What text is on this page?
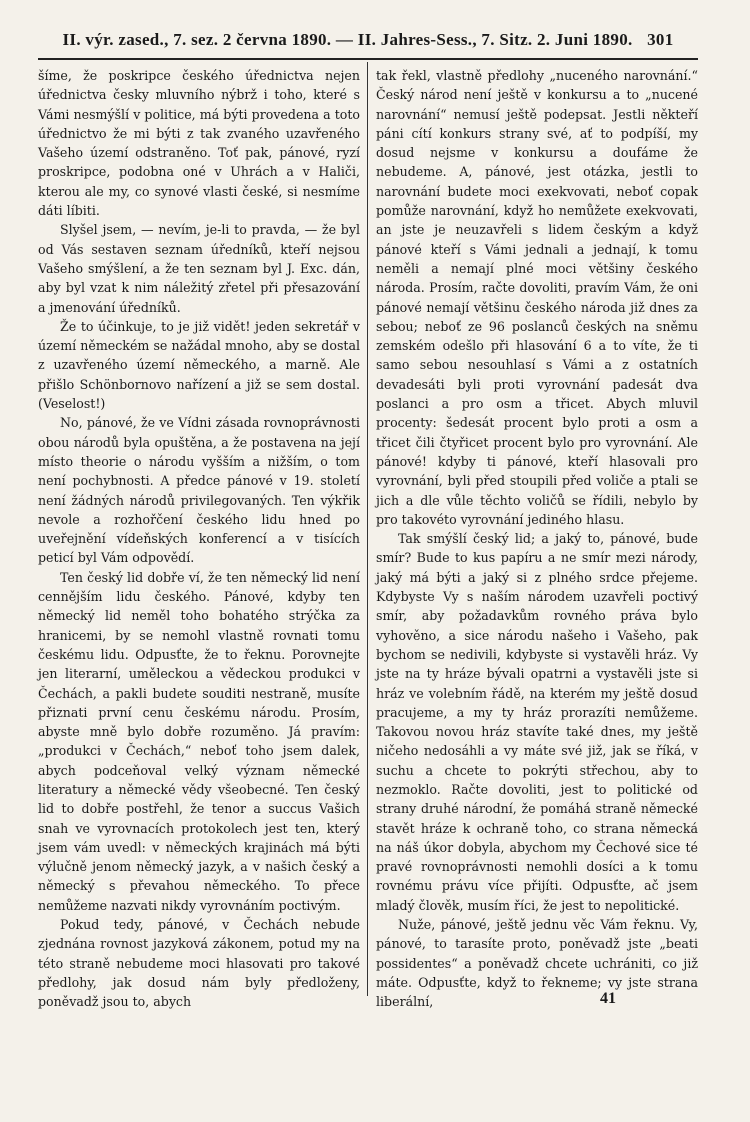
II. výr. zased., 7. sez. 2 června 1890. — II. Jahres-Sess., 7. Sitz. 2. Juni 1890. 301

šíme, že poskripce českého úřednictva nejen úřednictva česky mluvního nýbrž i toho, které s Vámi nesmýšlí v politice, má býti provedena a toto úřednictvo že mi býti z tak zvaného uzavřeného Vašeho území odstraněno. Toť pak, pánové, ryzí proskripce, podobna oné v Uhrách a v Haliči, kterou ale my, co synové vlasti české, si nesmíme dáti líbiti.

Slyšel jsem, — nevím, je-li to pravda, — že byl od Vás sestaven seznam úředníků, kteří nejsou Vašeho smýšlení, a že ten seznam byl J. Exc. dán, aby byl vzat k nim náležitý zřetel při přesazování a jmenování úředníků.

Že to účinkuje, to je již vidět! jeden sekretář v území německém se nažádal mnoho, aby se dostal z uzavřeného území německého, a marně. Ale přišlo Schönbornovo nařízení a již se sem dostal. (Veselost!)

No, pánové, že ve Vídni zásada rovnoprávnosti obou národů byla opuštěna, a že postavena na její místo theorie o národu vyšším a nižším, o tom není pochybnosti. A předce pánové v 19. století není žádných národů privilegovaných. Ten výkřik nevole a rozhořčení českého lidu hned po uveřejnění vídeňských konferencí a v tisících peticí byl Vám odpovědí.

Ten český lid dobře ví, že ten německý lid není cennějším lidu českého. Pánové, kdyby ten německý lid neměl toho bohatého strýčka za hranicemi, by se nemohl vlastně rovnati tomu českému lidu. Odpusťte, že to řeknu. Porovnejte jen literarní, uměleckou a vědeckou produkci v Čechách, a pakli budete souditi nestraně, musíte přiznati první cenu českému národu. Prosím, abyste mně bylo dobře rozuměno. Já pravím: „produkci v Čechách,“ neboť toho jsem dalek, abych podceňoval velký význam německé literatury a německé vědy všeobecné. Ten český lid to dobře postřehl, že tenor a succus Vašich snah ve vyrovnacích protokolech jest ten, který jsem vám uvedl: v německých krajinách má býti výlučně jenom německý jazyk, a v našich český a německý s převahou německého. To přece nemůžeme nazvati nikdy vyrovnáním poctivým.

Pokud tedy, pánové, v Čechách nebude zjednána rovnost jazyková zákonem, potud my na této straně nebudeme moci hlasovati pro takové předlohy, jak dosud nám byly předloženy, poněvadž jsou to, abych

tak řekl, vlastně předlohy „nuceného narovnání.“ Český národ není ještě v konkursu a to „nucené narovnání“ nemusí ještě podepsat. Jestli někteří páni cítí konkurs strany své, ať to podpíší, my dosud nejsme v konkursu a doufáme že nebudeme. A, pánové, jest otázka, jestli to narovnání budete moci exekvovati, neboť copak pomůže narovnání, když ho nemůžete exekvovati, an jste je neuzavřeli s lidem českým a když pánové kteří s Vámi jednali a jednají, k tomu neměli a nemají plné moci většiny českého národa. Prosím, račte dovoliti, pravím Vám, že oni pánové nemají většinu českého národa již dnes za sebou; neboť ze 96 poslanců českých na sněmu zemském odešlo při hlasování 6 a to víte, že ti samo sebou nesouhlasí s Vámi a z ostatních devadesáti byli proti vyrovnání padesát dva poslanci a pro osm a třicet. Abych mluvil procenty: šedesát procent bylo proti a osm a třicet čili čtyřicet procent bylo pro vyrovnání. Ale pánové! kdyby ti pánové, kteří hlasovali pro vyrovnání, byli před stoupili před voliče a ptali se jich a dle vůle těchto voličů se řídili, nebylo by pro takovéto vyrovnání jediného hlasu.

Tak smýšlí český lid; a jaký to, pánové, bude smír? Bude to kus papíru a ne smír mezi národy, jaký má býti a jaký si z plného srdce přejeme. Kdybyste Vy s naším národem uzavřeli poctivý smír, aby požadavkům rovného práva bylo vyhověno, a sice národu našeho i Vašeho, pak bychom se nedivili, kdybyste si vystavěli hráz. Vy jste na ty hráze bývali opatrni a vystavěli jste si hráz ve volebním řádě, na kterém my ještě dosud pracujeme, a my ty hráz prorazíti nemůžeme. Takovou novou hráz stavíte také dnes, my ještě ničeho nedosáhli a vy máte své již, jak se říká, v suchu a chcete to pokrýti střechou, aby to nezmoklo. Račte dovoliti, jest to politické od strany druhé národní, že pomáhá straně německé stavět hráze k ochraně toho, co strana německá na náš úkor dobyla, abychom my Čechové sice té pravé rovnoprávnosti nemohli dosíci a k tomu rovnému právu více přijíti. Odpusťte, ač jsem mladý člověk, musím říci, že jest to nepolitické.

Nuže, pánové, ještě jednu věc Vám řeknu. Vy, pánové, to tarasíte proto, poněvadž jste „beati possidentes“ a poněvadž chcete uchrániti, co již máte. Odpusťte, když to řekneme; vy jste strana liberální,	41
